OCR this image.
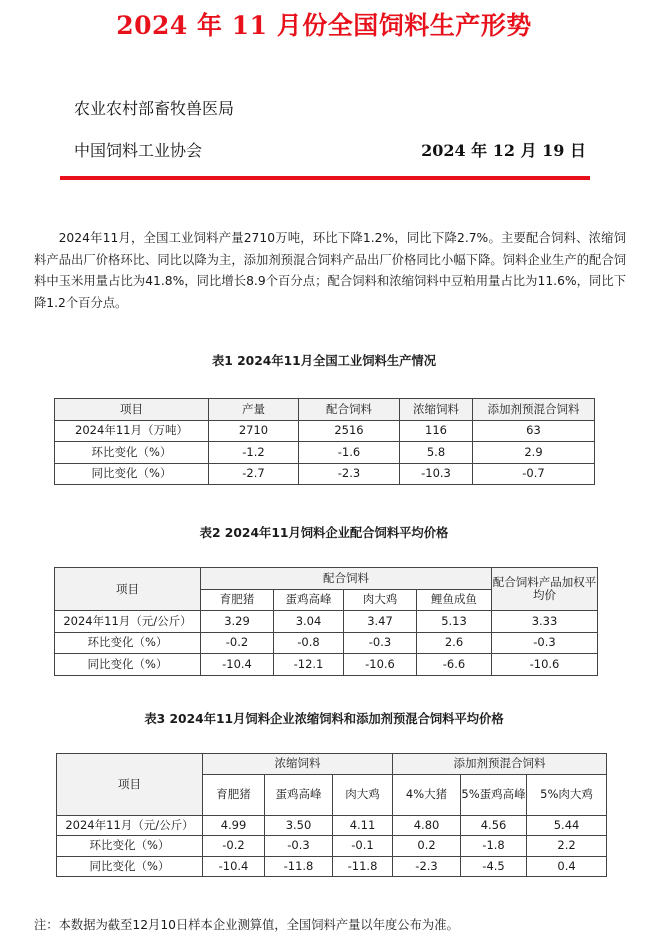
2024 年 11 月份全国饲料生产形势
农业农村部畜牧兽医局
中国饲料工业协会	2024 年 12 月 19 日

2024年11月，全国工业饲料产量2710万吨，环比下降1.2%，同比下降2.7%。主要配合饲料、浓缩饲料产品出厂价格环比、同比以降为主，添加剂预混合饲料产品出厂价格同比小幅下降。饲料企业生产的配合饲料中玉米用量占比为41.8%，同比增长8.9个百分点；配合饲料和浓缩饲料中豆粕用量占比为11.6%，同比下降1.2个百分点。

表1 2024年11月全国工业饲料生产情况
项目	产量	配合饲料	浓缩饲料	添加剂预混合饲料
2024年11月（万吨）	2710	2516	116	63
环比变化（%）	-1.2	-1.6	5.8	2.9
同比变化（%）	-2.7	-2.3	-10.3	-0.7
表2 2024年11月饲料企业配合饲料平均价格
项目	配合饲料				配合饲料产品加权平均价
	育肥猪	蛋鸡高峰	肉大鸡	鲤鱼成鱼	
2024年11月（元/公斤）	3.29	3.04	3.47	5.13	3.33
环比变化（%）	-0.2	-0.8	-0.3	2.6	-0.3
同比变化（%）	-10.4	-12.1	-10.6	-6.6	-10.6
表3 2024年11月饲料企业浓缩饲料和添加剂预混合饲料平均价格
项目	浓缩饲料			添加剂预混合饲料		
	育肥猪	蛋鸡高峰	肉大鸡	4%大猪	5%蛋鸡高峰	5%肉大鸡
2024年11月（元/公斤）	4.99	3.50	4.11	4.80	4.56	5.44
环比变化（%）	-0.2	-0.3	-0.1	0.2	-1.8	2.2
同比变化（%）	-10.4	-11.8	-11.8	-2.3	-4.5	0.4
注：本数据为截至12月10日样本企业测算值，全国饲料产量以年度公布为准。
